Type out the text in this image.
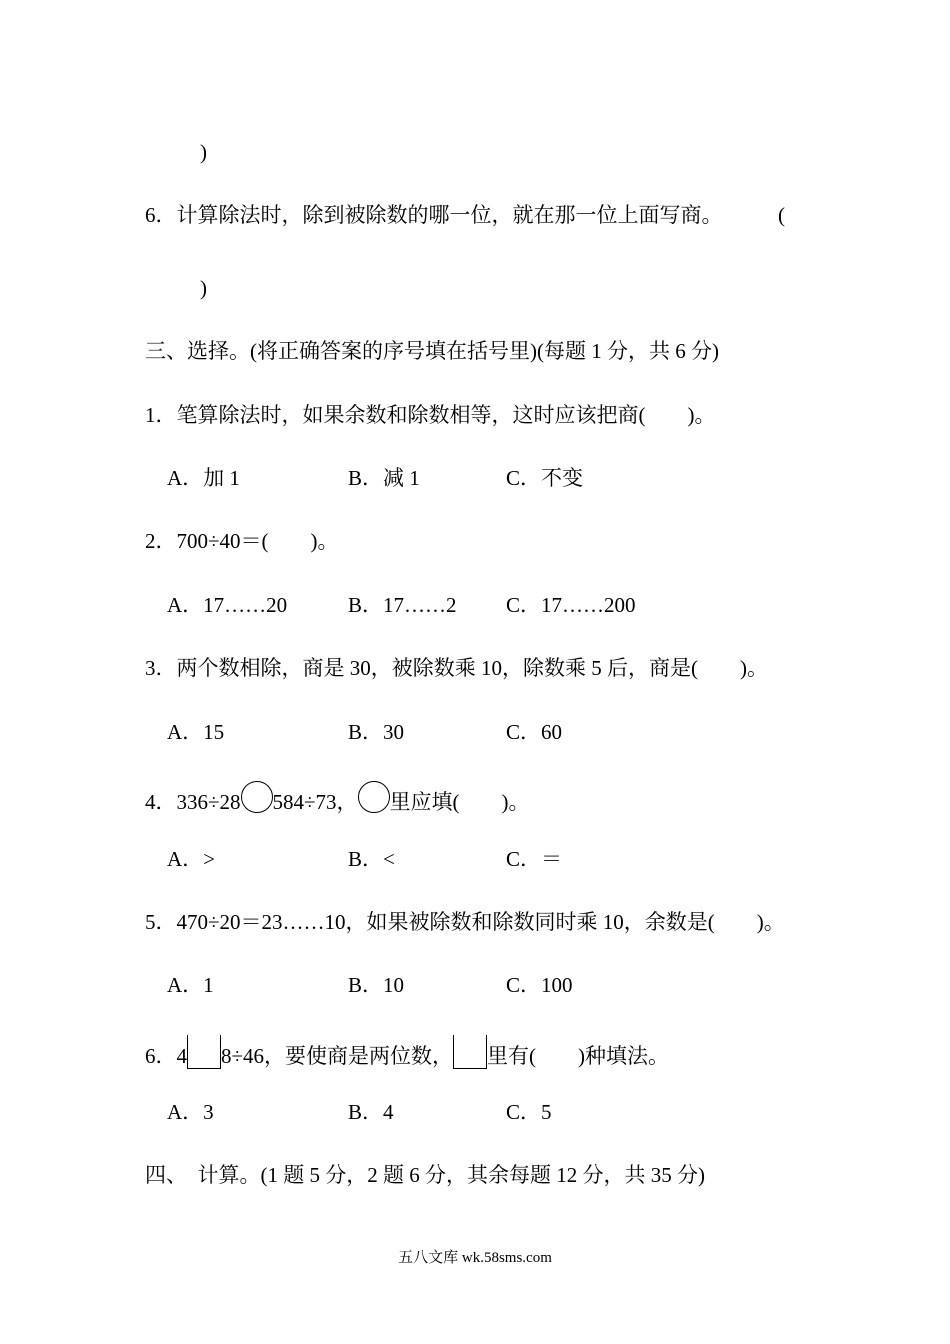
)
6．计算除法时，除到被除数的哪一位，就在那一位上面写商。	(
)
三、选择。(将正确答案的序号填在括号里)(每题 1 分，共 6 分)
1．笔算除法时，如果余数和除数相等，这时应该把商(　　)。
A．加 1	B．减 1	C．不变
2．700÷40＝(　　)。
A．17……20	B．17……2 C．17……200
3．两个数相除，商是 30，被除数乘 10，除数乘 5 后，商是(　　)。
A．15	B．30	C．60
4．336÷28 584÷73， 里应填(　　)。
A．>	B．<	C．＝
5．470÷20＝23……10，如果被除数和除数同时乘 10，余数是(　　)。
A．1	B．10	C．100
6．4 8÷46，要使商是两位数， 里有(　　)种填法。
A．3	B．4	C．5
四、  计算。(1 题 5 分，2 题 6 分，其余每题 12 分，共 35 分)
五八文库 wk.58sms.com
